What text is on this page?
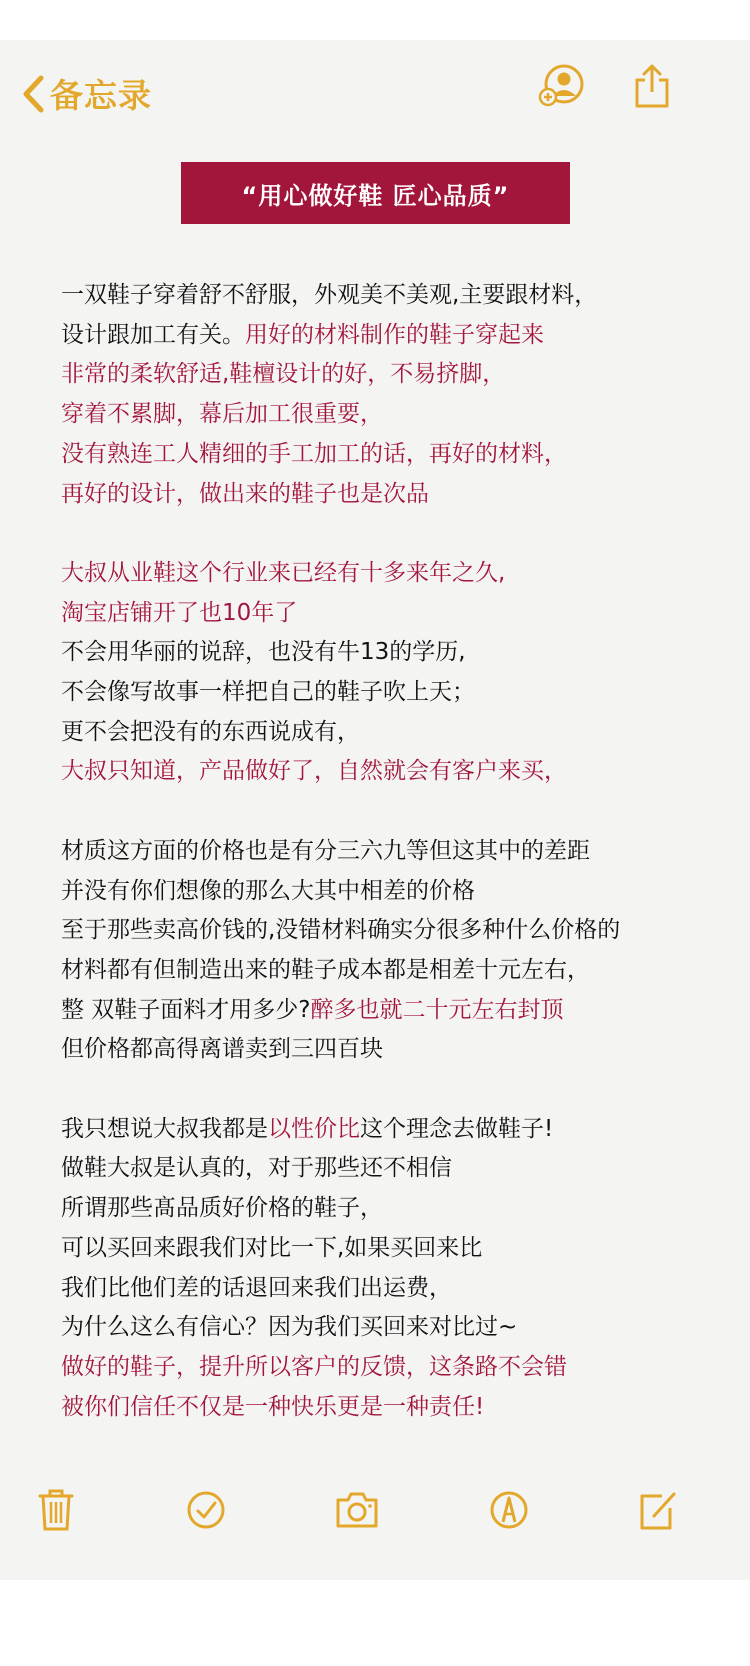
备忘录
“用心做好鞋 匠心品质”
一双鞋子穿着舒不舒服，外观美不美观,主要跟材料，
设计跟加工有关。用好的材料制作的鞋子穿起来
非常的柔软舒适,鞋檀设计的好，不易挤脚，
穿着不累脚，幕后加工很重要，
没有熟连工人精细的手工加工的话，再好的材料，
再好的设计，做出来的鞋子也是次品
大叔从业鞋这个行业来已经有十多来年之久,
淘宝店铺开了也10年了
不会用华丽的说辞，也没有牛13的学历,
不会像写故事一样把自己的鞋子吹上天；
更不会把没有的东西说成有，
大叔只知道，产品做好了，自然就会有客户来买，
材质这方面的价格也是有分三六九等但这其中的差距
并没有你们想像的那么大其中相差的价格
至于那些卖高价钱的,没错材料确实分很多种什么价格的
材料都有但制造出来的鞋子成本都是相差十元左右，
整 双鞋子面料才用多少?醉多也就二十元左右封顶
但价格都高得离谱卖到三四百块
我只想说大叔我都是以性价比这个理念去做鞋子!
做鞋大叔是认真的，对于那些还不相信
所谓那些髙品质好价格的鞋子，
可以买回来跟我们对比一下,如果买回来比
我们比他们差的话退回来我们出运费，
为什么这么有信心？因为我们买回来对比过~
做好的鞋子，提升所以客户的反馈，这条路不会错
被你们信任不仅是一种快乐更是一种责任!
